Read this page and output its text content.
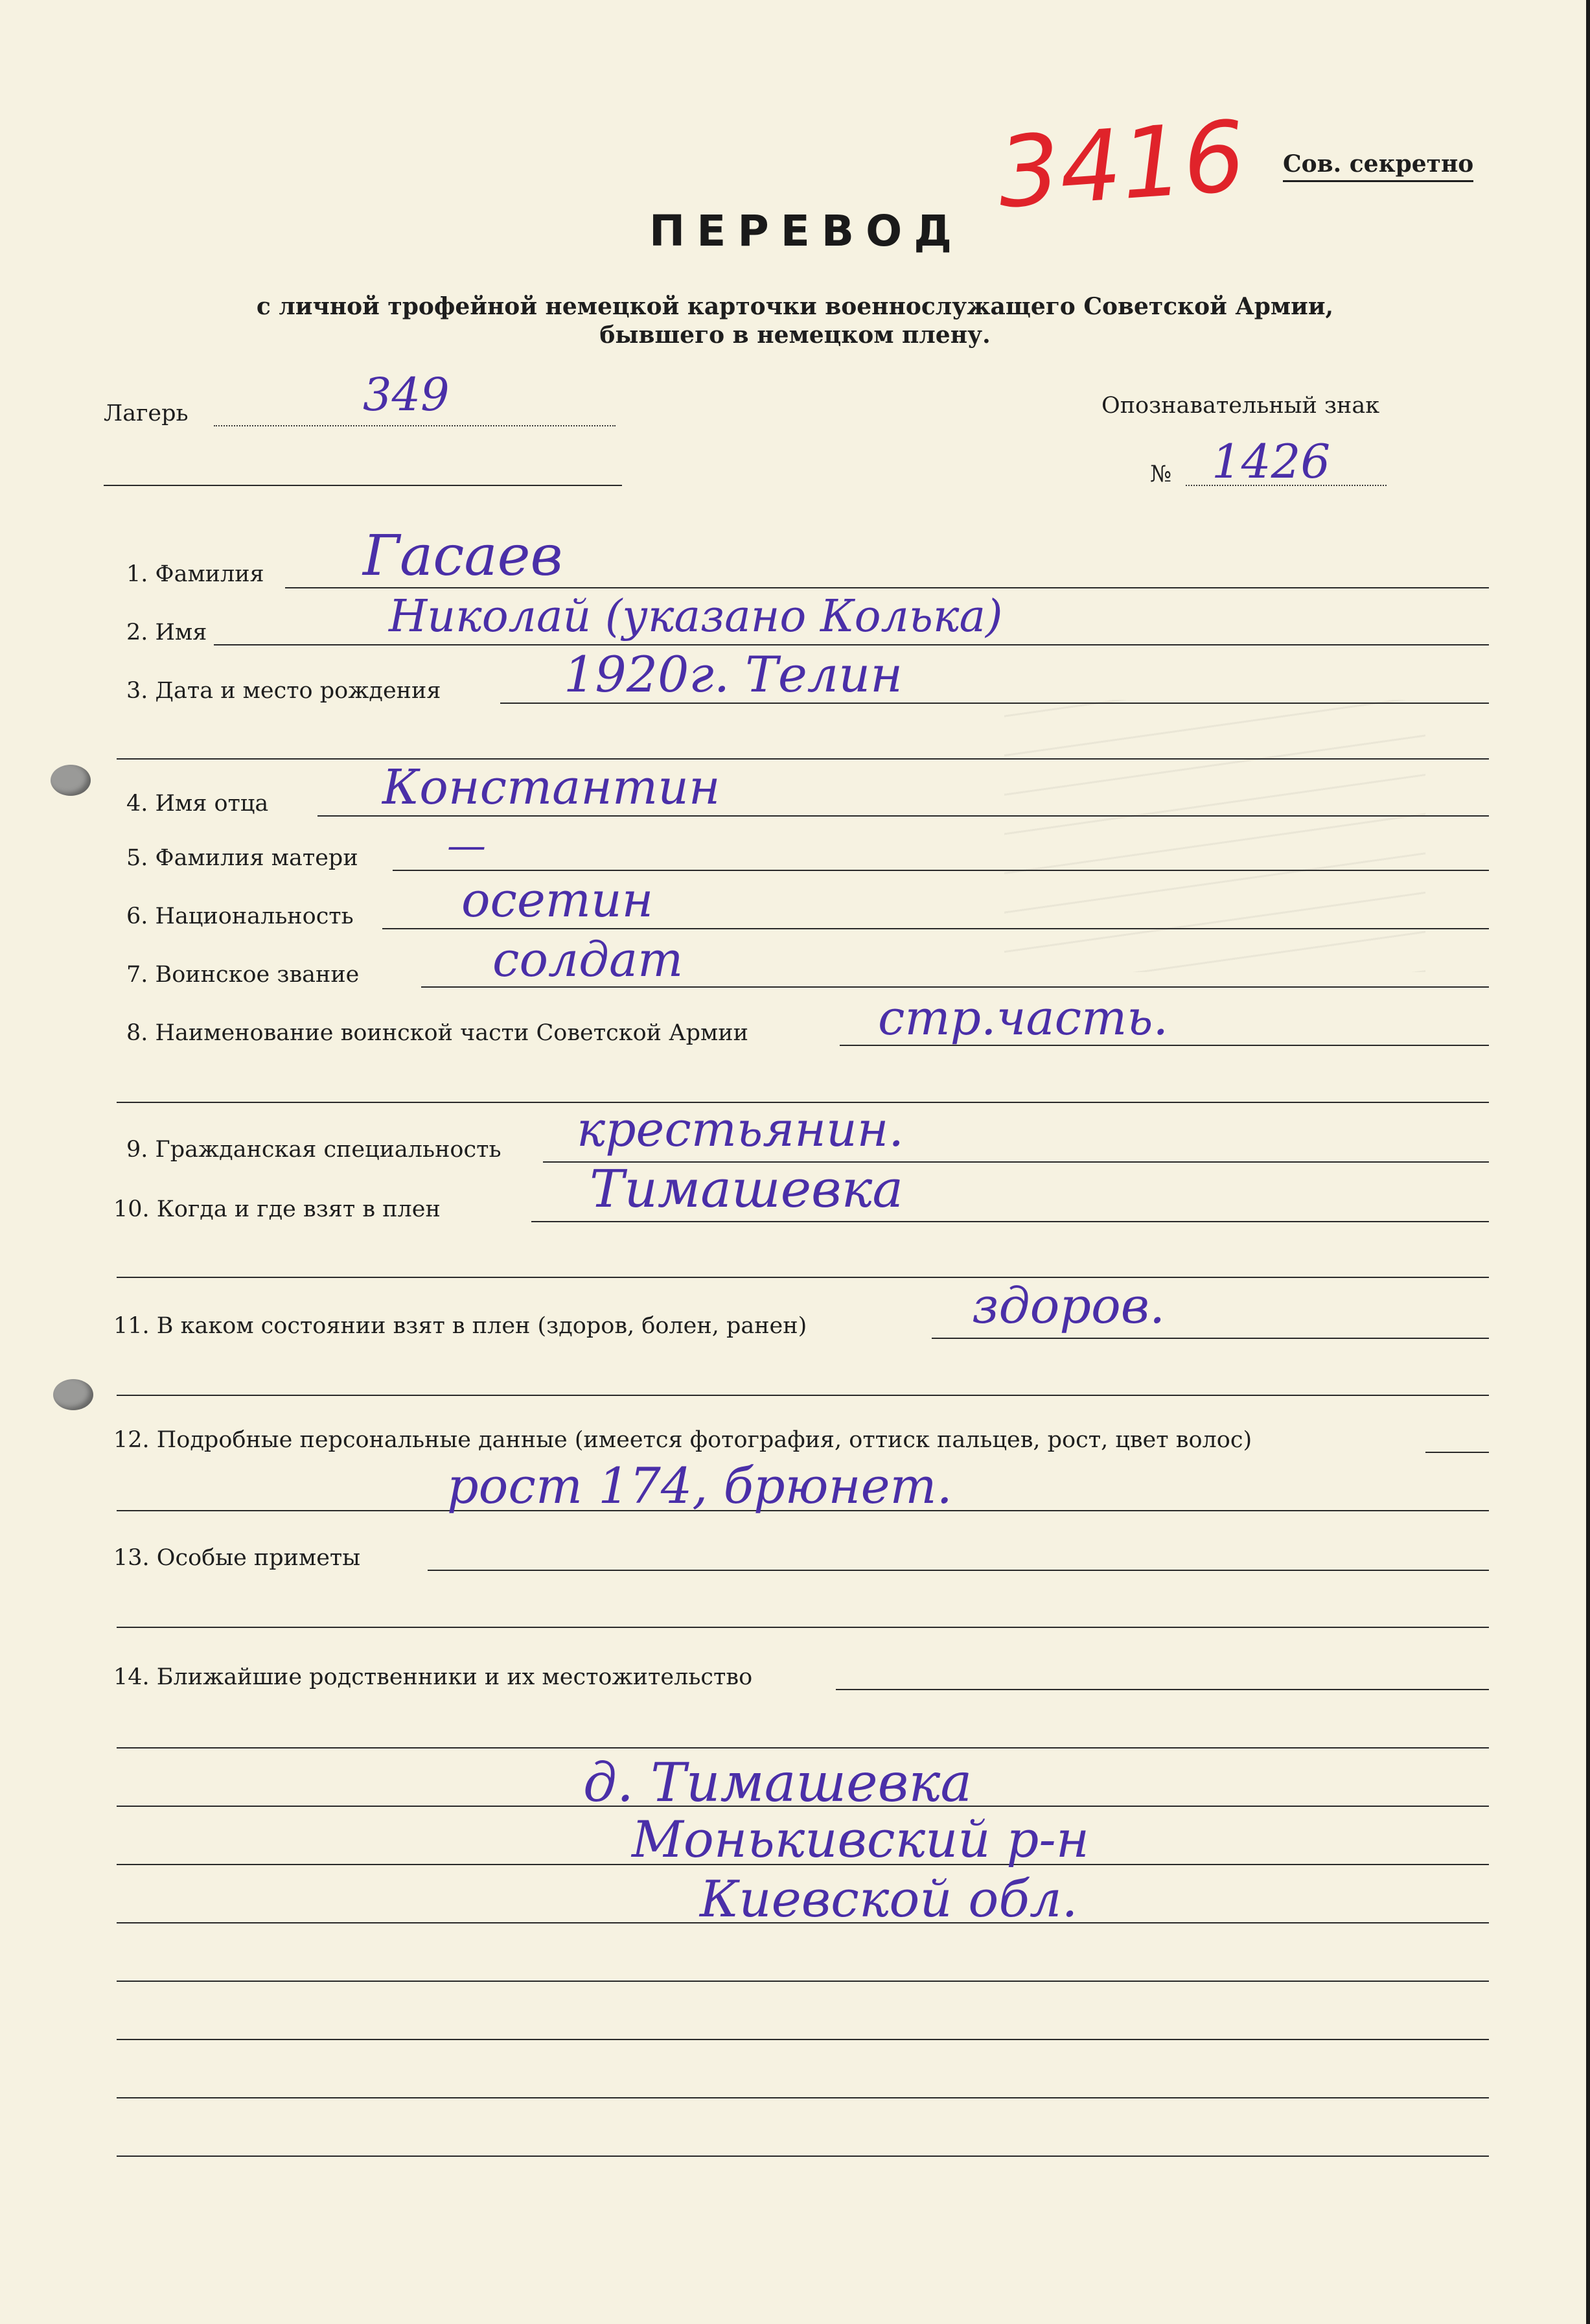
3416 Сов. секретно
ПЕРЕВОД
с личной трофейной немецкой карточки военнослужащего Советской Армии,
бывшего в немецком плену.
Лагерь	349	Опознавательный знак
№ 1426
1. Фамилия Гасаев
2. Имя	Николай (указано Колька)
3. Дата и место рождения 1920г. Телин
4. Имя отца Константин
5. Фамилия матери —
6. Национальность осетин
7. Воинское звание	солдат
8. Наименование воинской части Советской Армии	стр.часть.
9. Гражданская специальность крестьянин.
10. Когда и где взят в плен	Тимашевка
11. В каком состоянии взят в плен (здоров, болен, ранен)	здоров.
12. Подробные персональные данные (имеется фотография, оттиск пальцев, рост, цвет волос)
рост 174, брюнет.
13. Особые приметы
14. Ближайшие родственники и их местожительство
д. Тимашевка
Монькивский р-н
Киевской обл.
